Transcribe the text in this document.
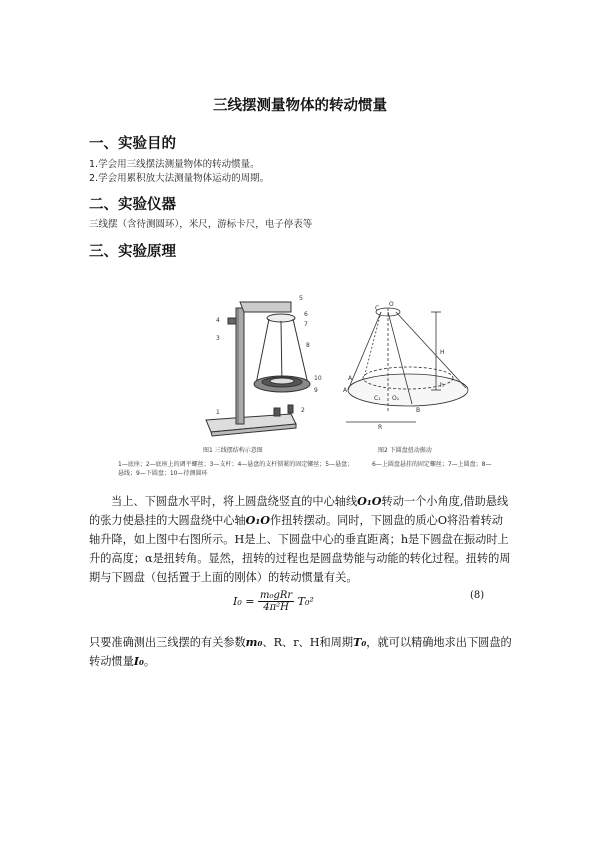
三线摆测量物体的转动惯量
一、实验目的
1.学会用三线摆法测量物体的转动惯量。
2.学会用累积放大法测量物体运动的周期。
二、实验仪器
三线摆（含待测圆环），米尺，游标卡尺，电子停表等
三、实验原理
5
4
6
7
8
3
10
9
2
1
C
O
A
H
h
A
C₁ O₁
B
R
图1 三线摆结构示意图	图2 下圆盘扭动振动
1—底座；2—底座上的调平螺丝；3—支杆；4—悬盘的支杆锁紧的固定螺丝；5—悬盘；	6—上圆盘悬挂的固定螺丝；7—上圆盘；8—
悬线；9—下圆盘；10—待测圆环
当上、下圆盘水平时，将上圆盘绕竖直的中心轴线O₁O转动一个小角度,借助悬线的张力使悬挂的大圆盘绕中心轴O₁O作扭转摆动。同时，下圆盘的质心O将沿着转动轴升降，如上图中右图所示。H是上、下圆盘中心的垂直距离；h是下圆盘在振动时上升的高度；α是扭转角。显然，扭转的过程也是圆盘势能与动能的转化过程。扭转的周期与下圆盘（包括置于上面的刚体）的转动惯量有关。
$I_0 = \frac{\text{m₀gRr}}{\text{4π²H}} T_0^2$	(8)
只要准确测出三线摆的有关参数m₀、R、r、H和周期T₀，就可以精确地求出下圆盘的转动惯量I₀。
